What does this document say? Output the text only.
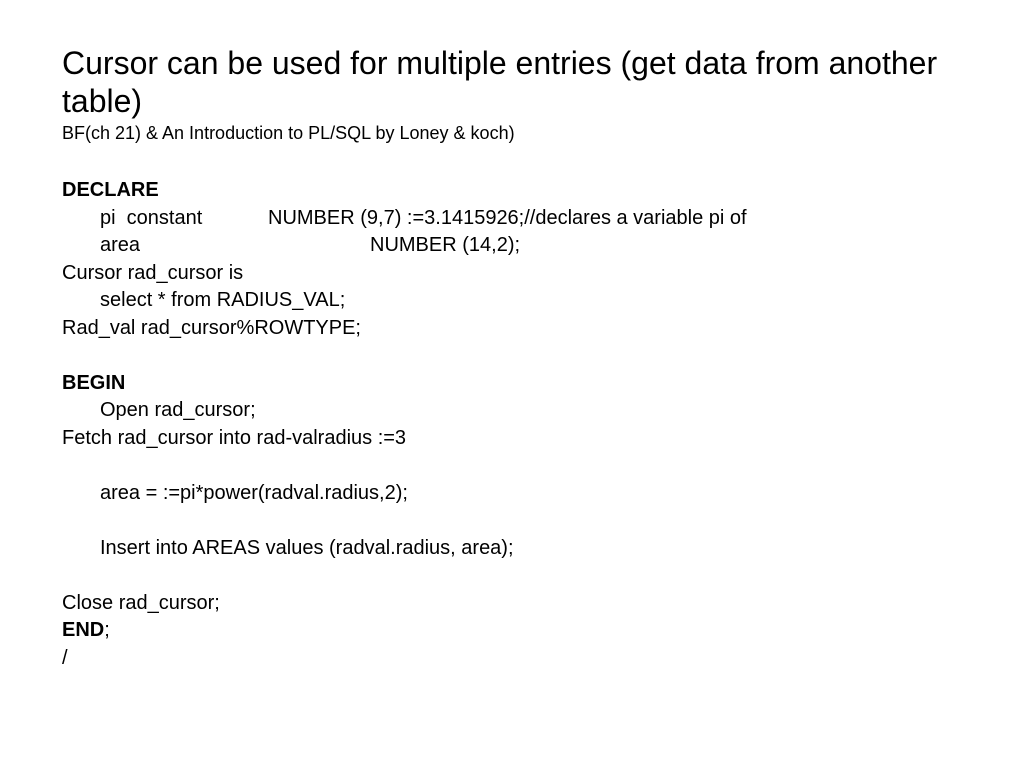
Cursor can be used for multiple entries (get data from another table)
BF(ch 21) & An Introduction to PL/SQL by Loney & koch)
DECLARE
pi  constant	NUMBER (9,7) :=3.1415926;//declares a variable pi of
area	NUMBER (14,2);
Cursor rad_cursor is
select * from RADIUS_VAL;
Rad_val rad_cursor%ROWTYPE;
BEGIN
Open rad_cursor;
Fetch rad_cursor into rad-valradius :=3
area = :=pi*power(radval.radius,2);
Insert into AREAS values (radval.radius, area);
Close rad_cursor;
END;
/
